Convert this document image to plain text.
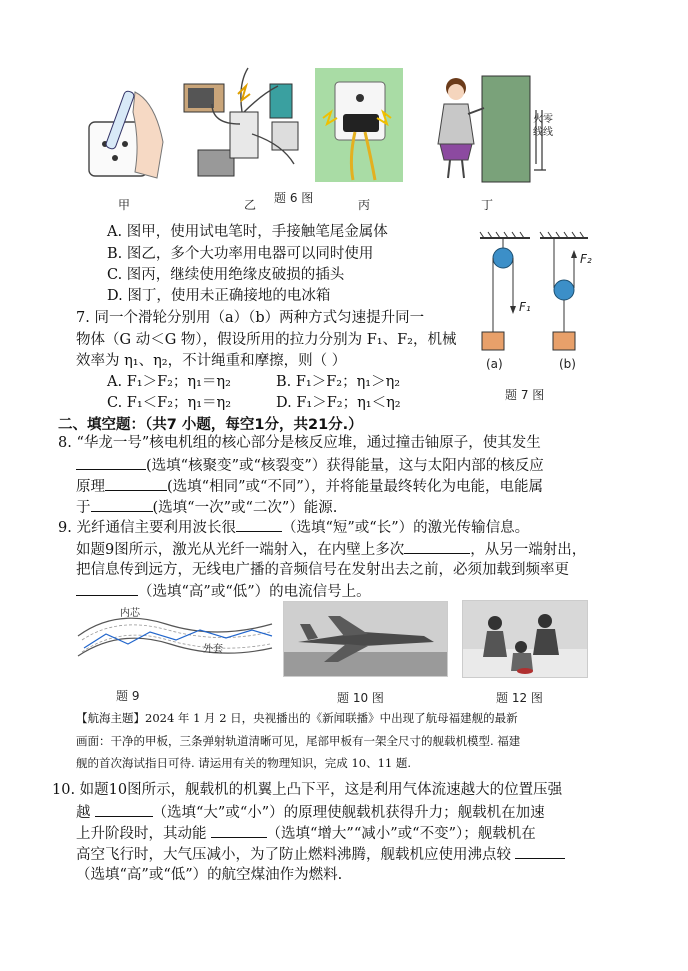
甲	乙 题 6 图	丙
火零
线线
丁
A. 图甲，使用试电笔时，手接触笔尾金属体
B. 图乙，多个大功率用电器可以同时使用
C. 图丙，继续使用绝缘皮破损的插头
D. 图丁，使用未正确接地的电冰箱
F₂
F₁
(a)	(b)
题 7 图
7. 同一个滑轮分别用（a）（b）两种方式匀速提升同一
物体（G 动＜G 物），假设所用的拉力分别为 F₁、F₂，机械
效率为 η₁、η₂，不计绳重和摩擦，则（ ）
A. F₁＞F₂；η₁＝η₂	B. F₁＞F₂；η₁＞η₂
C. F₁＜F₂；η₁＝η₂	D. F₁＞F₂；η₁＜η₂
二、填空题：（共7 小题，每空1分，共21分.）
8. “华龙一号”核电机组的核心部分是核反应堆，通过撞击铀原子，使其发生
(选填“核聚变”或“核裂变”）获得能量，这与太阳内部的核反应
原理	(选填“相同”或“不同”），并将能量最终转化为电能，电能属
于	(选填“一次”或“二次”）能源.
9. 光纤通信主要利用波长很	（选填“短”或“长”）的激光传输信息。
如题9图所示，激光从光纤一端射入，在内壁上多次	，从另一端射出，
把信息传到远方，无线电广播的音频信号在发射出去之前，必须加载到频率更
（选填“高”或“低”）的电流信号上。
内芯
外套
题 9	题 10 图	题 12 图
【航海主题】2024 年 1 月 2 日，央视播出的《新闻联播》中出现了航母福建舰的最新
画面：干净的甲板，三条弹射轨道清晰可见，尾部甲板有一架全尺寸的舰载机模型. 福建
舰的首次海试指日可待. 请运用有关的物理知识，完成 10、11 题.
10. 如题10图所示，舰载机的机翼上凸下平，这是利用气体流速越大的位置压强
越	（选填“大”或“小”）的原理使舰载机获得升力；舰载机在加速
上升阶段时，其动能	（选填“增大”“减小”或“不变”）；舰载机在
高空飞行时，大气压减小，为了防止燃料沸腾，舰载机应使用沸点较
（选填“高”或“低”）的航空煤油作为燃料.
